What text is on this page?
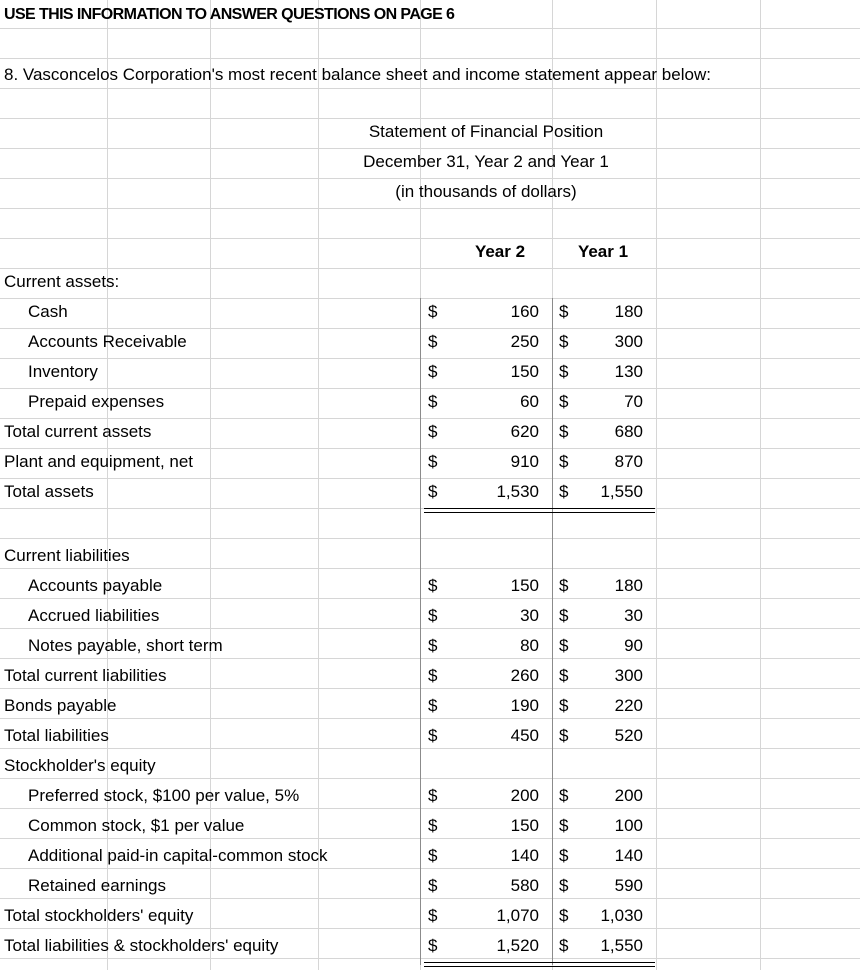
USE THIS INFORMATION TO ANSWER QUESTIONS ON PAGE 6
8. Vasconcelos Corporation's most recent balance sheet and income statement appear below:
Statement of Financial Position
December 31, Year 2 and Year 1
(in thousands of dollars)
Year 2	Year 1
Current assets:
Cash	$	160 $	180
Accounts Receivable	$	250 $	300
Inventory	$	150 $	130
Prepaid expenses	$	60 $	70
Total current assets	$	620 $	680
Plant and equipment, net	$	910 $	870
Total assets	$	1,530 $	1,550
Current liabilities
Accounts payable	$	150 $	180
Accrued liabilities	$	30 $	30
Notes payable, short term	$	80 $	90
Total current liabilities	$	260 $	300
Bonds payable	$	190 $	220
Total liabilities	$	450 $	520
Stockholder's equity
Preferred stock, $100 per value, 5%	$	200 $	200
Common stock, $1 per value	$	150 $	100
Additional paid-in capital-common stock	$	140 $	140
Retained earnings	$	580 $	590
Total stockholders' equity	$	1,070 $	1,030
Total liabilities & stockholders' equity	$	1,520 $	1,550
